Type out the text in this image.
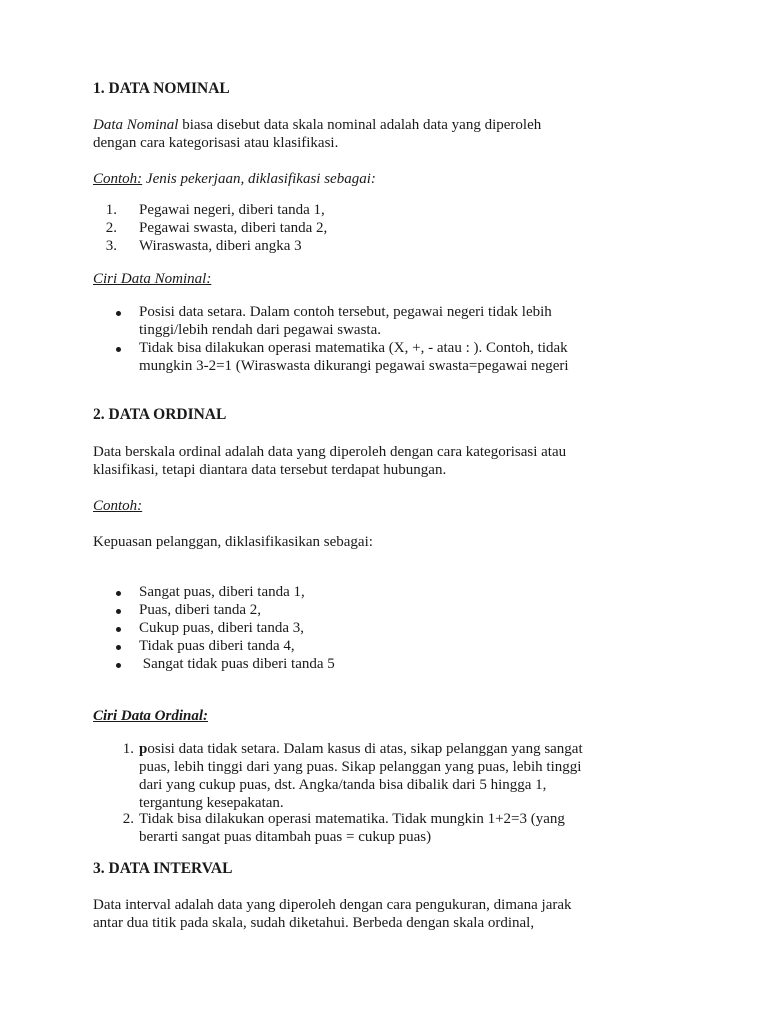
1. DATA NOMINAL
Data Nominal biasa disebut data skala nominal adalah data yang diperoleh
dengan cara kategorisasi atau klasifikasi.
Contoh: Jenis pekerjaan, diklasifikasi sebagai:
1. Pegawai negeri, diberi tanda 1,
2. Pegawai swasta, diberi tanda 2,
3. Wiraswasta, diberi angka 3
Ciri Data Nominal:
Posisi data setara. Dalam contoh tersebut, pegawai negeri tidak lebih
tinggi/lebih rendah dari pegawai swasta.
Tidak bisa dilakukan operasi matematika (X, +, - atau : ). Contoh, tidak
mungkin 3-2=1 (Wiraswasta dikurangi pegawai swasta=pegawai negeri
2. DATA ORDINAL
Data berskala ordinal adalah data yang diperoleh dengan cara kategorisasi atau
klasifikasi, tetapi diantara data tersebut terdapat hubungan.
Contoh:
Kepuasan pelanggan, diklasifikasikan sebagai:
Sangat puas, diberi tanda 1,
Puas, diberi tanda 2,
Cukup puas, diberi tanda 3,
Tidak puas diberi tanda 4,
Sangat tidak puas diberi tanda 5
Ciri Data Ordinal:
1. posisi data tidak setara. Dalam kasus di atas, sikap pelanggan yang sangat
puas, lebih tinggi dari yang puas. Sikap pelanggan yang puas, lebih tinggi
dari yang cukup puas, dst. Angka/tanda bisa dibalik dari 5 hingga 1,
tergantung kesepakatan.
2. Tidak bisa dilakukan operasi matematika. Tidak mungkin 1+2=3 (yang
berarti sangat puas ditambah puas = cukup puas)
3. DATA INTERVAL
Data interval adalah data yang diperoleh dengan cara pengukuran, dimana jarak
antar dua titik pada skala, sudah diketahui. Berbeda dengan skala ordinal,
